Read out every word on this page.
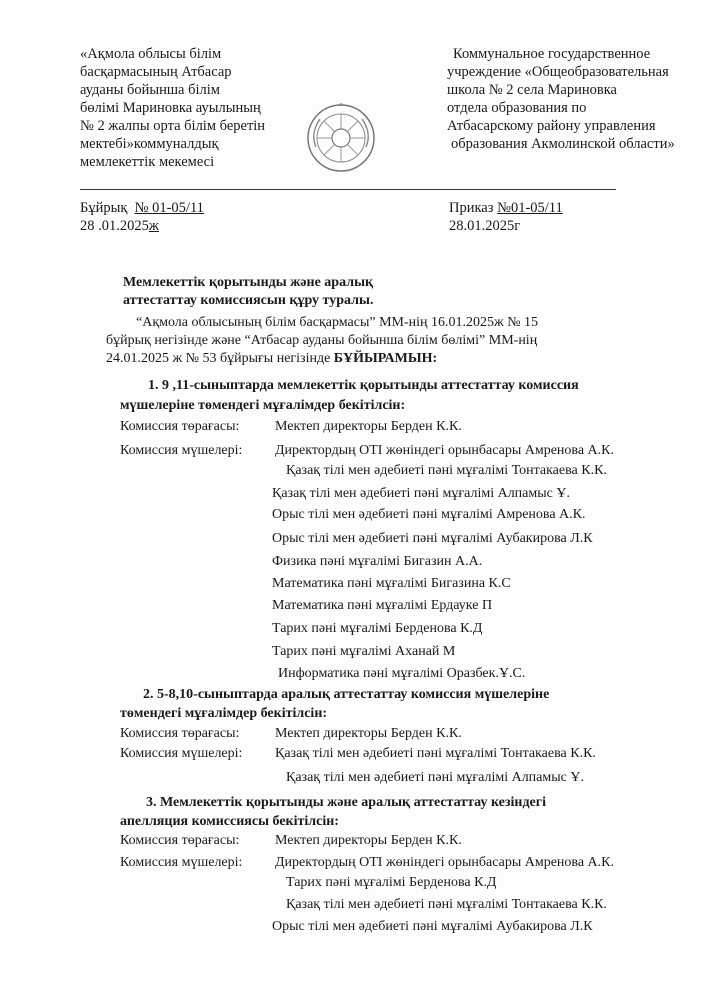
«Ақмола облысы білім
басқармасының Атбасар
ауданы бойынша білім
бөлімі Мариновка ауылының
№ 2 жалпы орта білім беретін
мектебі»коммуналдық
мемлекеттік мекемесі
Коммунальное государственное
учреждение «Общеобразовательная
школа № 2 села Мариновка
отдела образования по
Атбасарскому району управления
образования Акмолинской области»
Бұйрық № 01-05/11
28 .01.2025ж
Приказ №01-05/11
28.01.2025г
Мемлекеттік қорытынды және аралық
аттестаттау комиссиясын құру туралы.
“Ақмола облысының білім басқармасы” ММ-нің 16.01.2025ж № 15
бұйрық негізінде және “Атбасар ауданы бойынша білім бөлімі” ММ-нің
24.01.2025 ж № 53 бұйрығы негізінде БҰЙЫРАМЫН:
1. 9 ,11-сыныптарда мемлекеттік қорытынды аттестаттау комиссия
мүшелеріне төмендегі мұғалімдер бекітілсін:
Комиссия төрағасы:	Мектеп директоры Берден К.К.
Комиссия мүшелері: Директордың ОТІ жөніндегі орынбасары Амренова А.К.
Қазақ тілі мен әдебиеті пәні мұғалімі Тонтакаева К.К.
Қазақ тілі мен әдебиеті пәні мұғалімі Алпамыс Ұ.
Орыс тілі мен әдебиеті пәні мұғалімі Амренова А.К.
Орыс тілі мен әдебиеті пәні мұғалімі Аубакирова Л.К
Физика пәні мұғалімі Бигазин А.А.
Математика пәні мұғалімі Бигазина К.С
Математика пәні мұғалімі Ердауке П
Тарих пәні мұғалімі Берденова К.Д
Тарих пәні мұғалімі Аханай М
Информатика пәні мұғалімі Оразбек.Ұ.С.
2. 5-8,10-сыныптарда аралық аттестаттау комиссия мүшелеріне
төмендегі мұғалімдер бекітілсін:
Комиссия төрағасы:	Мектеп директоры Берден К.К.
Комиссия мүшелері: Қазақ тілі мен әдебиеті пәні мұғалімі Тонтакаева К.К.
Қазақ тілі мен әдебиеті пәні мұғалімі Алпамыс Ұ.
3. Мемлекеттік қорытынды және аралық аттестаттау кезіндегі
апелляция комиссиясы бекітілсін:
Комиссия төрағасы:	Мектеп директоры Берден К.К.
Комиссия мүшелері: Директордың ОТІ жөніндегі орынбасары Амренова А.К.
Тарих пәні мұғалімі Берденова К.Д
Қазақ тілі мен әдебиеті пәні мұғалімі Тонтакаева К.К.
Орыс тілі мен әдебиеті пәні мұғалімі Аубакирова Л.К
